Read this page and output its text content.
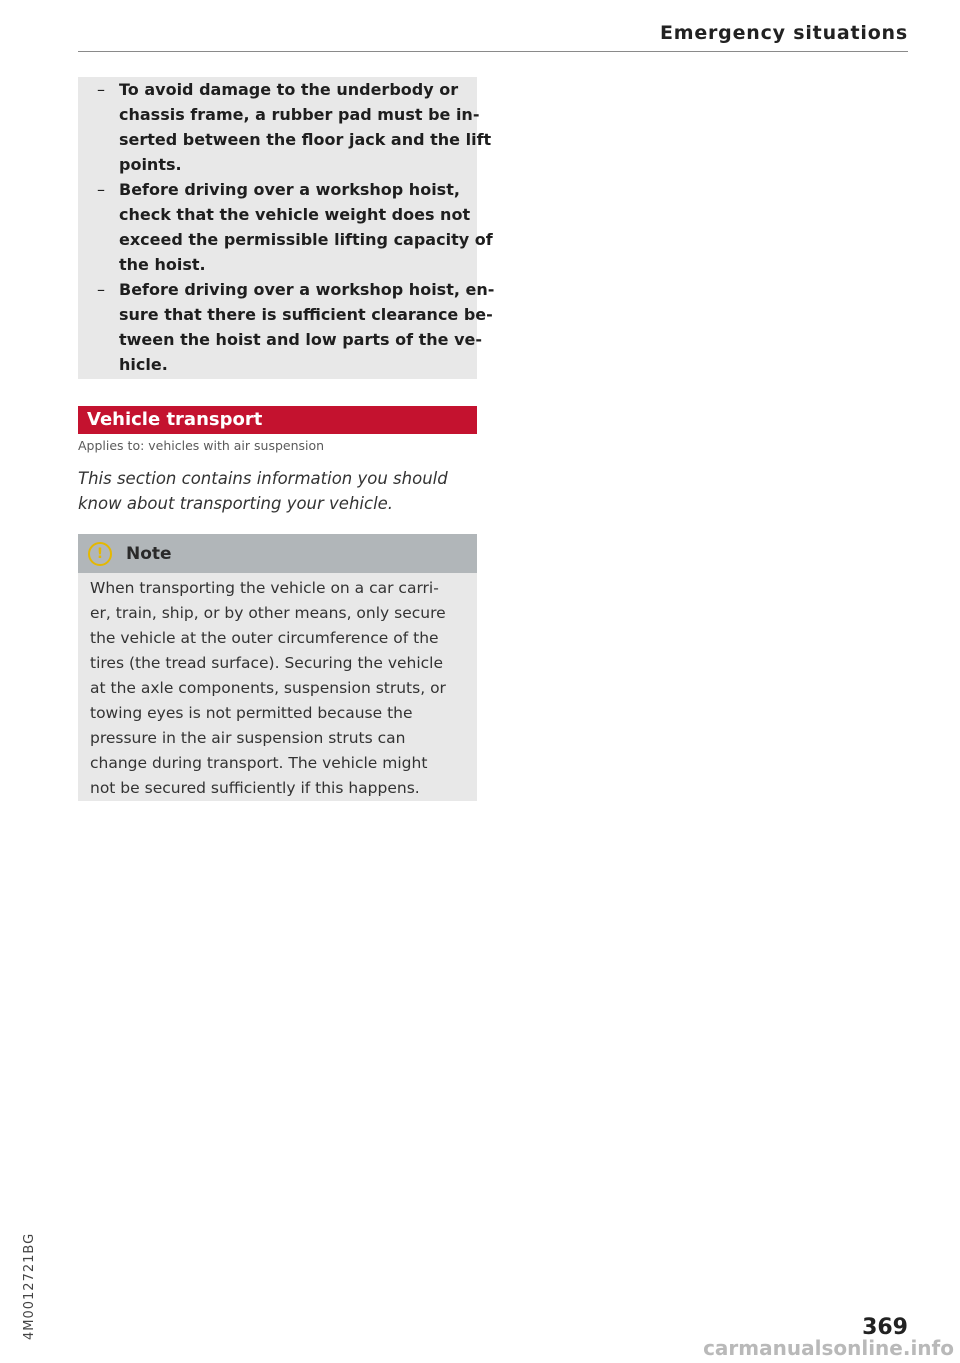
Emergency situations
– To avoid damage to the underbody or
chassis frame, a rubber pad must be in-
serted between the floor jack and the lift
points.
– Before driving over a workshop hoist,
check that the vehicle weight does not
exceed the permissible lifting capacity of
the hoist.
– Before driving over a workshop hoist, en-
sure that there is sufficient clearance be-
tween the hoist and low parts of the ve-
hicle.
Vehicle transport
Applies to: vehicles with air suspension
This section contains information you should
know about transporting your vehicle.
!	Note
When transporting the vehicle on a car carri-
er, train, ship, or by other means, only secure
the vehicle at the outer circumference of the
tires (the tread surface). Securing the vehicle
at the axle components, suspension struts, or
towing eyes is not permitted because the
pressure in the air suspension struts can
change during transport. The vehicle might
not be secured sufficiently if this happens.
4M0012721BG	369
carmanualsonline.info
